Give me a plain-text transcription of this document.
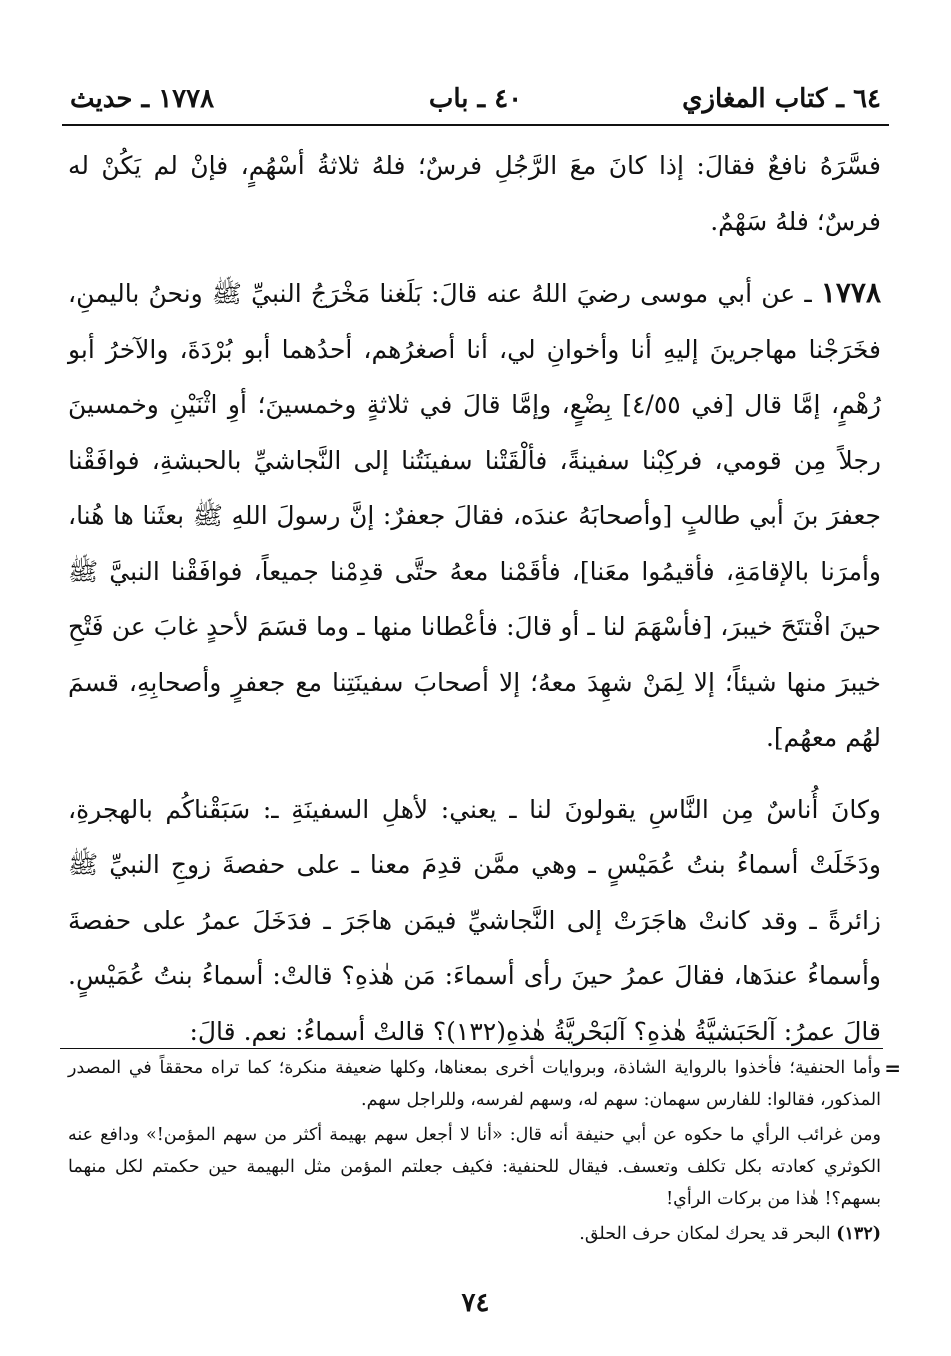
٦٤ ـ كتاب المغازي
٤٠ ـ باب
١٧٧٨ ـ حديث

فسَّرَهُ نافعٌ فقالَ: إذا كانَ معَ الرَّجُلِ فرسٌ؛ فلهُ ثلاثةُ أسْهُمٍ، فإنْ لم يَكُنْ له فرسٌ؛ فلهُ سَهْمٌ.

١٧٧٨ ـ عن أبي موسى رضيَ اللهُ عنه قالَ: بَلَغنا مَخْرَجُ النبيِّ ﷺ ونحنُ باليمنِ، فخَرَجْنا مهاجرينَ إليهِ أنا وأخوانِ لي، أنا أصغرُهم، أحدُهما أبو بُرْدَةَ، والآخرُ أبو رُهْمٍ، إمَّا قال [في ٤/٥٥] بِضْعٍ، وإمَّا قالَ في ثلاثةٍ وخمسينَ؛ أوِ اثْنَيْنِ وخمسينَ رجلاً مِن قومي، فركِبْنا سفينةً، فألْقَتْنا سفينَتُنا إلى النَّجاشيِّ بالحبشةِ، فوافَقْنا جعفرَ بنَ أبي طالبٍ [وأصحابَهُ عندَه، فقالَ جعفرٌ: إنَّ رسولَ اللهِ ﷺ بعثَنا ها هُنا، وأمرَنا بالإقامَةِ، فأقيمُوا معَنا]، فأقَمْنا معهُ حتَّى قدِمْنا جميعاً، فوافَقْنا النبيَّ ﷺ حينَ افْتتَحَ خيبرَ، [فأسْهَمَ لنا ـ أو قالَ: فأعْطانا منها ـ وما قسَمَ لأحدٍ غابَ عن فَتْحِ خيبرَ منها شيئاً؛ إلا لِمَنْ شهِدَ معهُ؛ إلا أصحابَ سفينَتِنا مع جعفرٍ وأصحابِهِ، قسمَ لهُم معهُم].

وكانَ أُناسٌ مِن النَّاسِ يقولونَ لنا ـ يعني: لأهلِ السفينَةِ ـ: سَبَقْناكُم بالهجرةِ، ودَخَلَتْ أسماءُ بنتُ عُمَيْسٍ ـ وهي ممَّن قدِمَ معنا ـ على حفصةَ زوجِ النبيِّ ﷺ زائرةً ـ وقد كانتْ هاجَرَتْ إلى النَّجاشيِّ فيمَن هاجَرَ ـ فدَخَلَ عمرُ على حفصةَ وأسماءُ عندَها، فقالَ عمرُ حينَ رأى أسماءَ: مَن هٰذهِ؟ قالتْ: أسماءُ بنتُ عُمَيْسٍ. قالَ عمرُ: آلحَبَشيَّةُ هٰذهِ؟ آلبَحْريَّةُ هٰذهِ(١٣٢)؟ قالتْ أسماءُ: نعم. قالَ:

=

وأما الحنفية؛ فأخذوا بالرواية الشاذة، وبروايات أخرى بمعناها، وكلها ضعيفة منكرة؛ كما تراه محققاً في المصدر المذكور، فقالوا: للفارس سهمان: سهم له، وسهم لفرسه، وللراجل سهم.

ومن غرائب الرأي ما حكوه عن أبي حنيفة أنه قال: «أنا لا أجعل سهم بهيمة أكثر من سهم المؤمن!» ودافع عنه الكوثري كعادته بكل تكلف وتعسف. فيقال للحنفية: فكيف جعلتم المؤمن مثل البهيمة حين حكمتم لكل منهما بسهم؟! هٰذا من بركات الرأي!

(١٣٢) البحر قد يحرك لمكان حرف الحلق.

٧٤
